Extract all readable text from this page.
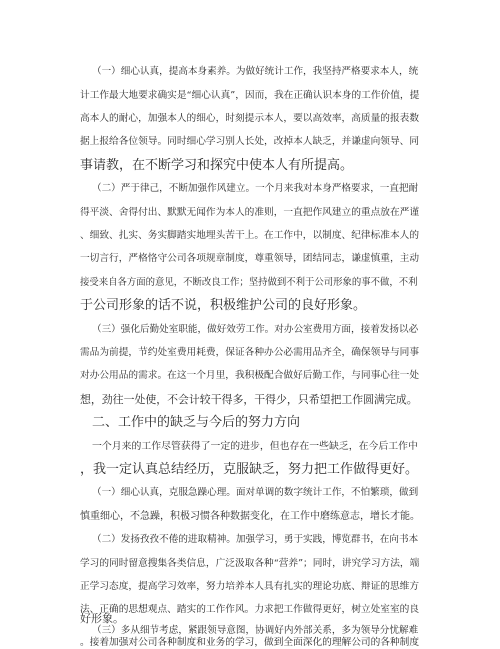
（一）细心认真，提高本身素养。为做好统计工作，我坚持严格要求本人，统
计工作最大地要求确实是“细心认真”，因而，我在正确认识本身的工作价值，提
高本人的耐心，加强本人的细心，时刻提示本人，要以高效率，高质量的报表数
据上报给各位领导。同时细心学习别人长处，改掉本人缺乏，并谦虚向领导、同
事请教，在不断学习和探究中使本人有所提高。
（二）严于律己，不断加强作风建立。一个月来我对本身严格要求，一直把耐
得平淡、舍得付出、默默无闻作为本人的准则，一直把作风建立的重点放在严谨
、细致、扎实、务实脚踏实地埋头苦干上。在工作中，以制度、纪律标准本人的
一切言行，严格恪守公司各项规章制度，尊重领导，团结同志，谦虚慎重，主动
接受来自各方面的意见，不断改良工作；坚持做到不利于公司形象的事不做，不利
于公司形象的话不说，积极维护公司的良好形象。
（三）强化后勤处室职能，做好效劳工作。对办公室费用方面，接着发扬以必
需品为前提，节约处室费用耗费，保证各种办公必需用品齐全，确保领导与同事
对办公用品的需求。在这一个月里，我积极配合做好后勤工作，与同事心往一处
想，劲往一处使，不会计较干得多，干得少，只希望把工作圆满完成。
二、工作中的缺乏与今后的努力方向
一个月来的工作尽管获得了一定的进步，但也存在一些缺乏，在今后工作中
，我一定认真总结经历，克服缺乏，努力把工作做得更好。
（一）细心认真，克服急躁心理。面对单调的数字统计工作，不怕繁琐，做到
慎重细心，不急躁，积极习惯各种数据变化，在工作中磨练意志，增长才能。
（二）发扬孜孜不倦的进取精神。加强学习，勇于实践，博览群书，在向书本
学习的同时留意搜集各类信息，广泛汲取各种“营养”；同时，讲究学习方法，端
正学习态度，提高学习效率，努力培养本人具有扎实的理论功底、辩证的思维方
法、正确的思想观点、踏实的工作作风。力求把工作做得更好，树立处室室的良
好形象。
（三）多从细节考虑，紧跟领导意图，协调好内外部关系，多为领导分忧解难
。接着加强对公司各种制度和业务的学习，做到全面深化的理解公司的各种制度
